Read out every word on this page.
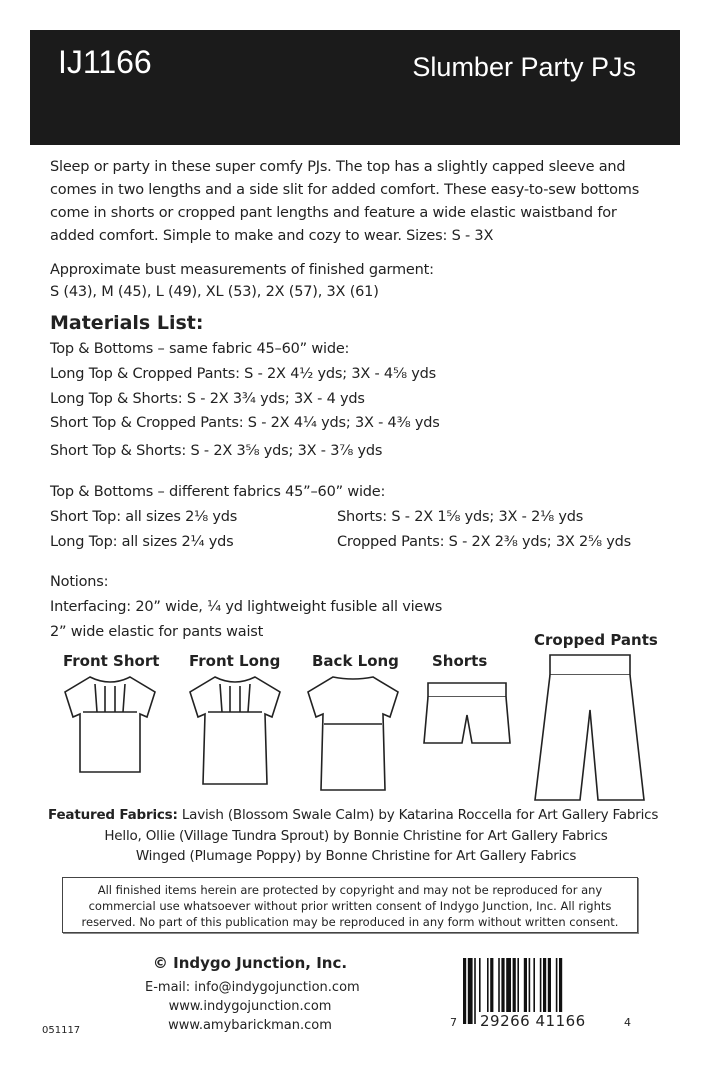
IJ1166	Slumber Party PJs
Sleep or party in these super comfy PJs. The top has a slightly capped sleeve and
comes in two lengths and a side slit for added comfort. These easy-to-sew bottoms
come in shorts or cropped pant lengths and feature a wide elastic waistband for
added comfort. Simple to make and cozy to wear. Sizes: S - 3X
Approximate bust measurements of finished garment:
S (43), M (45), L (49), XL (53), 2X (57), 3X (61)
Materials List:
Top & Bottoms – same fabric 45–60” wide:
Long Top & Cropped Pants: S - 2X 4½ yds; 3X - 4⅝ yds
Long Top & Shorts: S - 2X 3¾ yds; 3X - 4 yds
Short Top & Cropped Pants: S - 2X 4¼ yds; 3X - 4⅜ yds
Short Top & Shorts: S - 2X 3⅝ yds; 3X - 3⅞ yds
Top & Bottoms – different fabrics 45”–60” wide:
Short Top: all sizes 2⅛ yds
Long Top: all sizes 2¼ yds
Shorts: S - 2X 1⅝ yds; 3X - 2⅛ yds
Cropped Pants: S - 2X 2⅜ yds; 3X 2⅝ yds
Notions:
Interfacing: 20” wide, ¼ yd lightweight fusible all views
2” wide elastic for pants waist
Front Short Front Long Back Long Shorts
Cropped Pants
Featured Fabrics: Lavish (Blossom Swale Calm) by Katarina Roccella for Art Gallery Fabrics
Hello, Ollie (Village Tundra Sprout) by Bonnie Christine for Art Gallery Fabrics
Winged (Plumage Poppy) by Bonne Christine for Art Gallery Fabrics
All finished items herein are protected by copyright and may not be reproduced for any
commercial use whatsoever without prior written consent of Indygo Junction, Inc. All rights
reserved. No part of this publication may be reproduced in any form without written consent.
© Indygo Junction, Inc.
E-mail: info@indygojunction.com
www.indygojunction.com
www.amybarickman.com
051117
7 29266 41166	4
